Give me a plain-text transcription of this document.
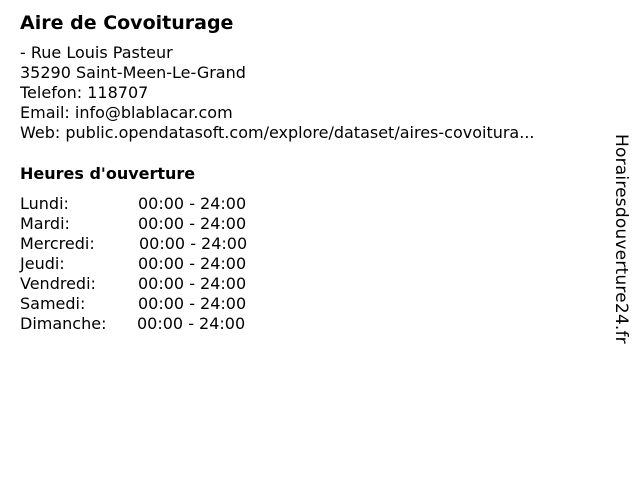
Aire de Covoiturage
- Rue Louis Pasteur
35290 Saint-Meen-Le-Grand
Telefon: 118707
Email: info@blablacar.com
Web: public.opendatasoft.com/explore/dataset/aires-covoitura...
Heures d'ouverture
Lundi:	00:00 - 24:00
Mardi:	00:00 - 24:00
Mercredi:	00:00 - 24:00
Jeudi:	00:00 - 24:00
Vendredi:	00:00 - 24:00
Samedi:	00:00 - 24:00
Dimanche: 00:00 - 24:00	Horairesdouverture24.fr
